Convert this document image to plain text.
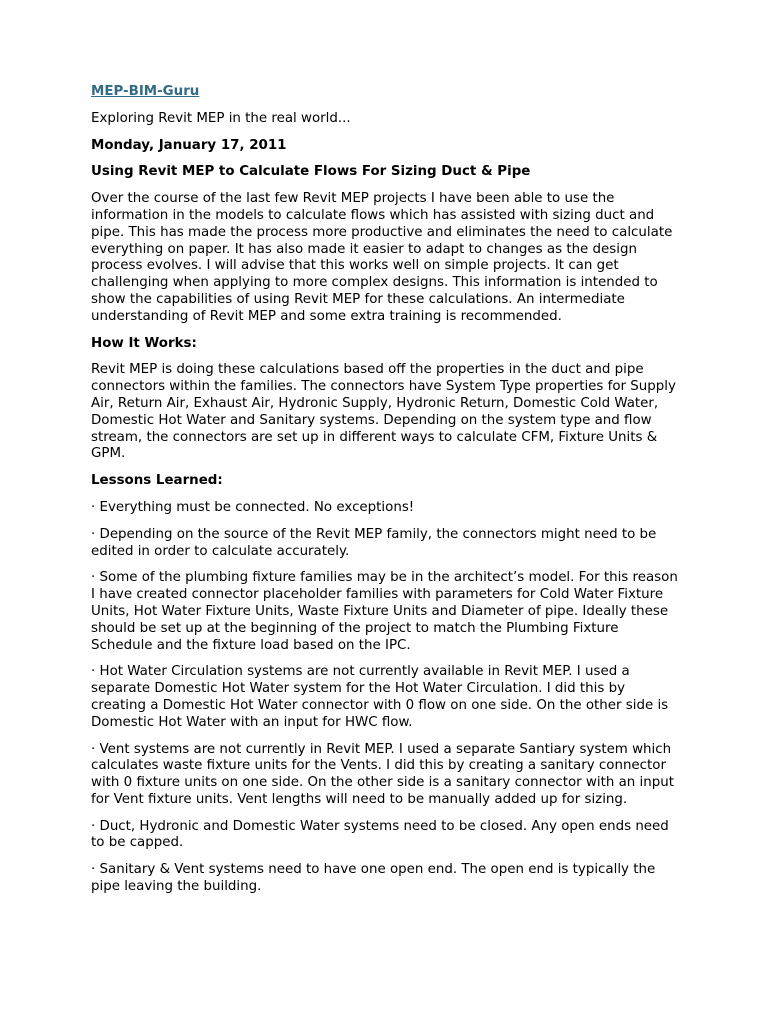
MEP-BIM-Guru

Exploring Revit MEP in the real world...

Monday, January 17, 2011

Using Revit MEP to Calculate Flows For Sizing Duct & Pipe

Over the course of the last few Revit MEP projects I have been able to use the information in the models to calculate flows which has assisted with sizing duct and pipe. This has made the process more productive and eliminates the need to calculate everything on paper. It has also made it easier to adapt to changes as the design process evolves. I will advise that this works well on simple projects. It can get challenging when applying to more complex designs. This information is intended to show the capabilities of using Revit MEP for these calculations. An intermediate understanding of Revit MEP and some extra training is recommended.

How It Works:

Revit MEP is doing these calculations based off the properties in the duct and pipe connectors within the families. The connectors have System Type properties for Supply Air, Return Air, Exhaust Air, Hydronic Supply, Hydronic Return, Domestic Cold Water, Domestic Hot Water and Sanitary systems. Depending on the system type and flow stream, the connectors are set up in different ways to calculate CFM, Fixture Units & GPM.

Lessons Learned:

· Everything must be connected. No exceptions!

· Depending on the source of the Revit MEP family, the connectors might need to be edited in order to calculate accurately.

· Some of the plumbing fixture families may be in the architect’s model. For this reason I have created connector placeholder families with parameters for Cold Water Fixture Units, Hot Water Fixture Units, Waste Fixture Units and Diameter of pipe. Ideally these should be set up at the beginning of the project to match the Plumbing Fixture Schedule and the fixture load based on the IPC.

· Hot Water Circulation systems are not currently available in Revit MEP. I used a separate Domestic Hot Water system for the Hot Water Circulation. I did this by creating a Domestic Hot Water connector with 0 flow on one side. On the other side is Domestic Hot Water with an input for HWC flow.

· Vent systems are not currently in Revit MEP. I used a separate Santiary system which calculates waste fixture units for the Vents. I did this by creating a sanitary connector with 0 fixture units on one side. On the other side is a sanitary connector with an input for Vent fixture units. Vent lengths will need to be manually added up for sizing.

· Duct, Hydronic and Domestic Water systems need to be closed. Any open ends need to be capped.

· Sanitary & Vent systems need to have one open end. The open end is typically the pipe leaving the building.
